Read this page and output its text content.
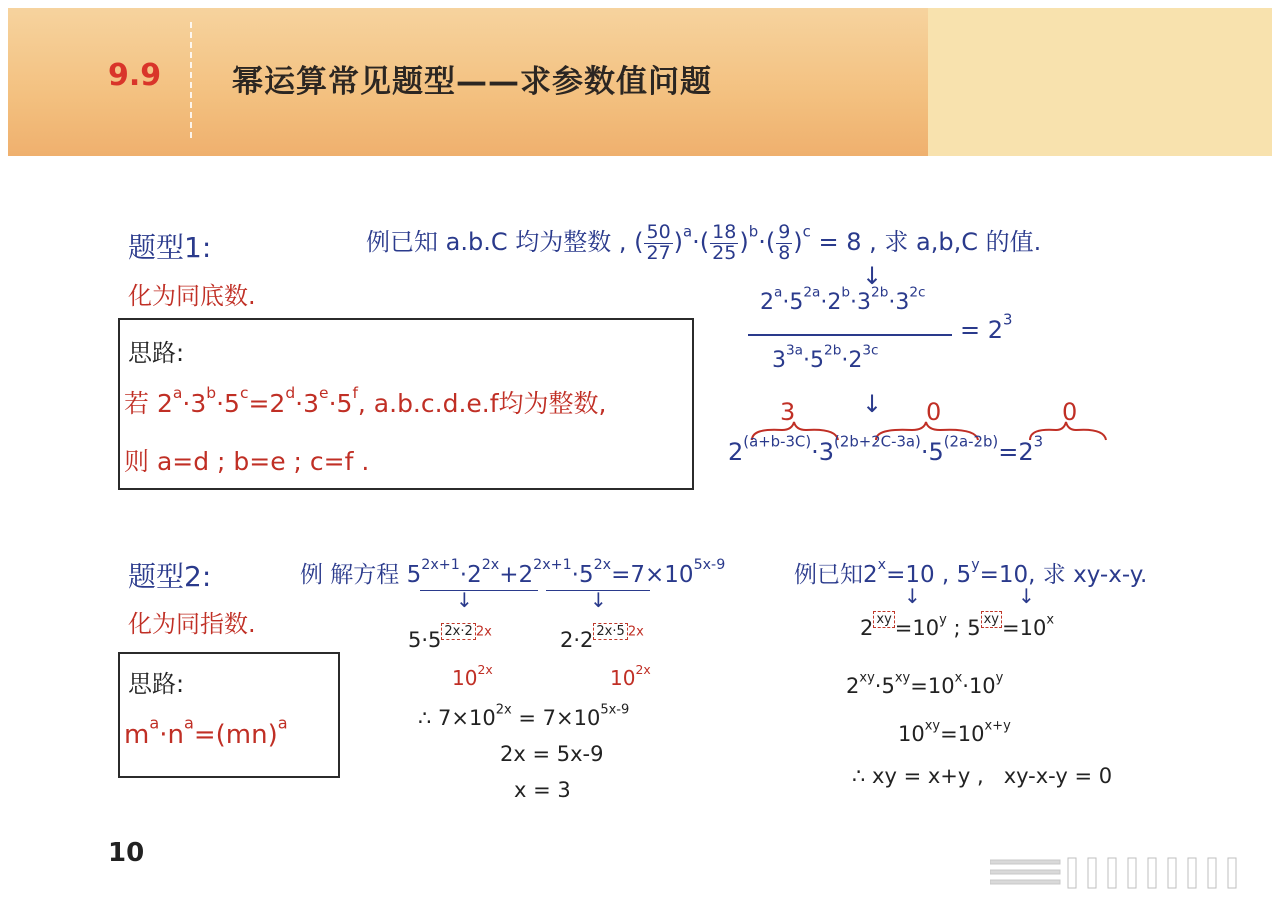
9.9 幂运算常见题型——求参数值问题
题型1:
化为同底数.
思路:
若 $2^a\cdot 3^b\cdot 5^c=2^d\cdot 3^e\cdot 5^f$, a.b.c.d.e.f均为整数,
则 a=d ; b=e ; c=f .
例已知 a.b.C 均为整数 , ( $\frac{50}{27} )^a\cdot( \frac{18}{25} )^b\cdot( \frac{9}{8} )^c = 8$ , 求 a,b,C 的值.
↓
$2^a\cdot 5^{2a}\cdot 2^b\cdot 3^{2b}\cdot 3^{2c}$
$3^{3a}\cdot 5^{2b}\cdot 2^{3c}$
= $2^3$
↓
3	0	0
$2^{(a+b-3C)}\cdot 3^{(2b+2C-3a)}\cdot 5^{(2a-2b)}=2^3$
题型2:
化为同指数.
思路:
$m^a\cdot n^a=(mn)^a$
例 解方程 $5^{2x+1}\cdot 2^{2x}+2^{2x+1}\cdot 5^{2x}=7\times 10^{5x-9}$
↓	↓
5·5 $^{2x\cdot 2}$ $^{2x}$	2·2 $^{2x\cdot 5}$ $^{2x}$
$10^{2x}$	$10^{2x}$
∴ $7\times 10^{2x} = 7\times 10^{5x-9}$
2x = 5x-9
x = 3
例已知$2^x=10$ , $5^y=10$, 求 xy-x-y.
↓	↓
2 $^{xy} =10^y$ ; 5 $^{xy} =10^x$
$2^{xy}\cdot 5^{xy}=10^x\cdot 10^y$
$10^{xy}=10^{x+y}$
∴ xy = x+y , xy-x-y = 0
10
